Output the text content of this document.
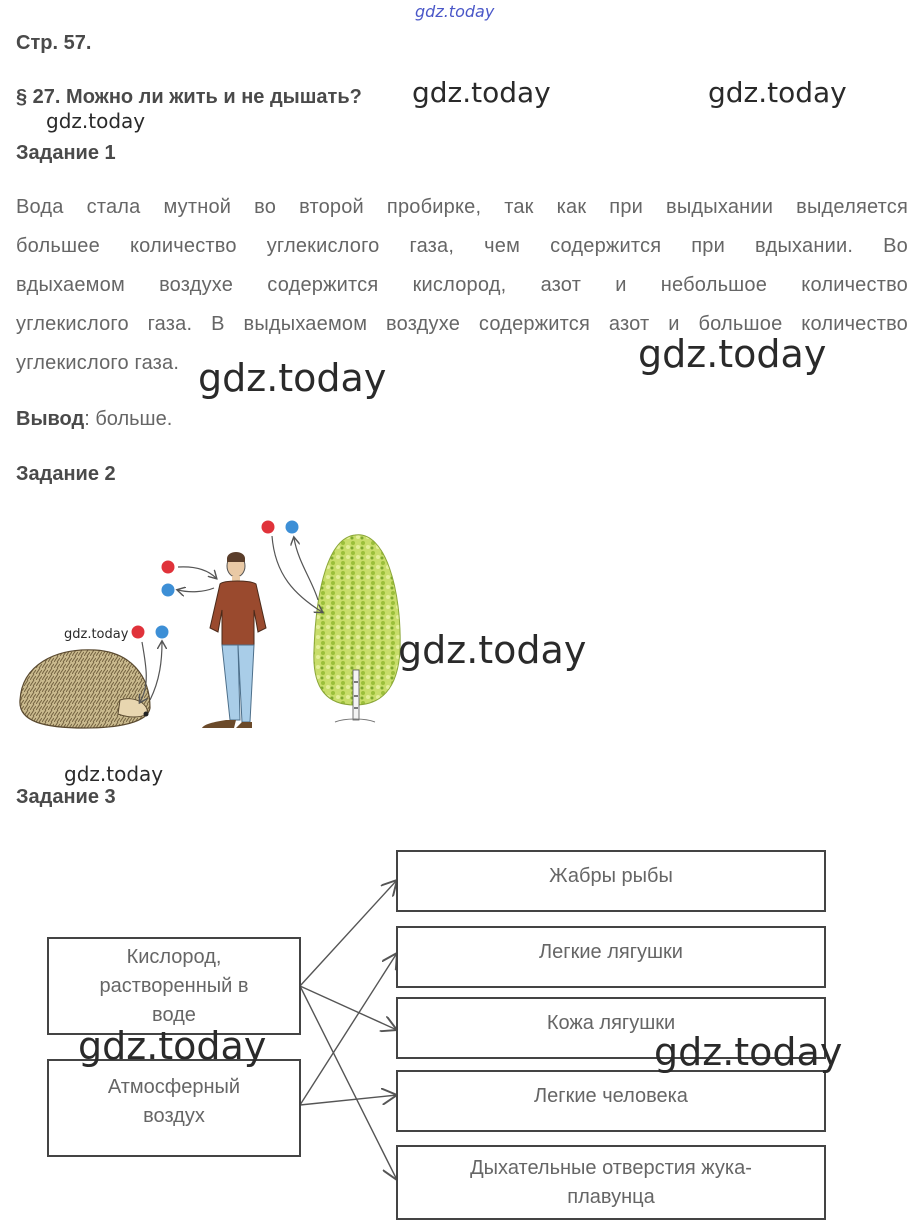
gdz.today
Стр. 57.
§ 27. Можно ли жить и не дышать? gdz.today	gdz.today
gdz.today
Задание 1
Вода стала мутной во второй пробирке, так как при выдыхании выделяется
большее количество углекислого газа, чем содержится при вдыхании. Во
вдыхаемом воздухе содержится кислород, азот и небольшое количество
углекислого газа. В выдыхаемом воздухе содержится азот и большое количество
углекислого газа.	gdz.today
gdz.today
Вывод: больше.
Задание 2
gdz.today	gdz.today
gdz.today
Задание 3
Кислород, растворенный в воде
Атмосферный воздух
Жабры рыбы
Легкие лягушки
Кожа лягушки
Легкие человека
Дыхательные отверстия жука-плавунца
gdz.today	gdz.today
